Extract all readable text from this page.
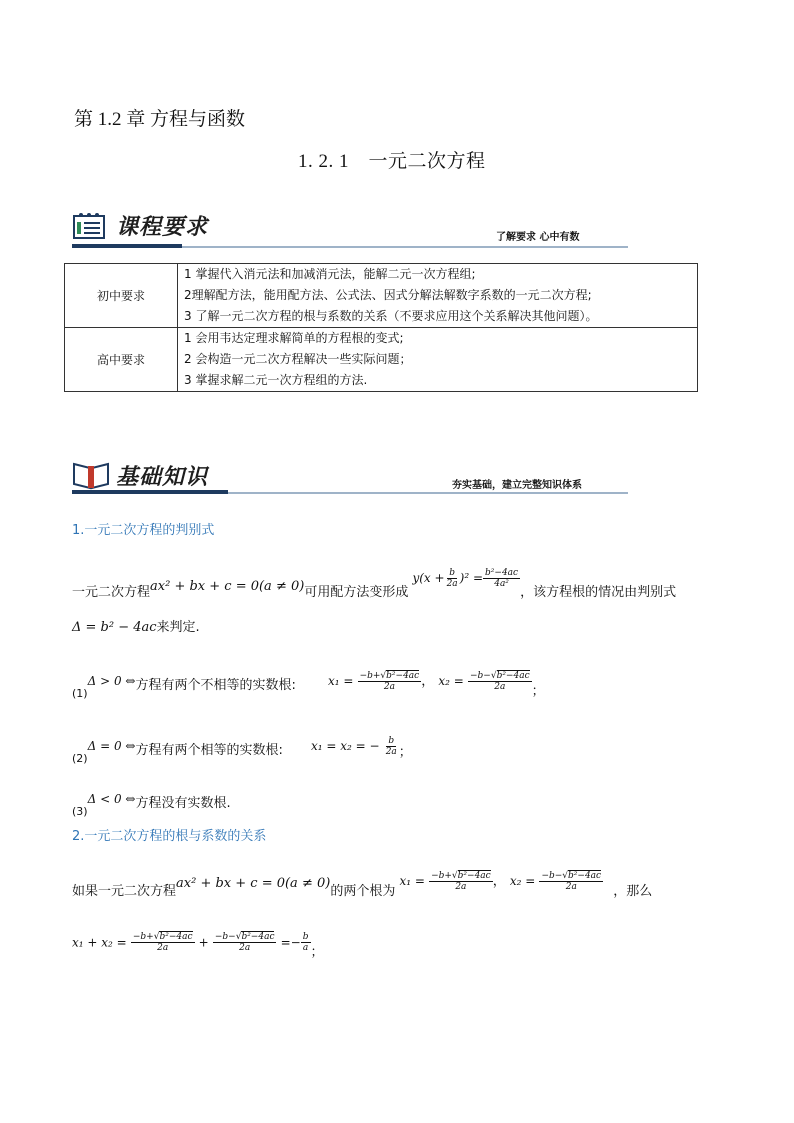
第 1.2 章 方程与函数
1. 2. 1　一元二次方程
课程要求	了解要求 心中有数
初中要求	1 掌握代入消元法和加减消元法，能解二元一次方程组;
2理解配方法，能用配方法、公式法、因式分解法解数字系数的一元二次方程;
3 了解一元二次方程的根与系数的关系（不要求应用这个关系解决其他问题）。

高中要求	1 会用韦达定理求解简单的方程根的变式;
2 会构造一元二次方程解决一些实际问题；
3 掌握求解二元一次方程组的方法.
基础知识	夯实基础，建立完整知识体系
1.一元二次方程的判别式
一元二次方程ax² + bx + c = 0(a ≠ 0)可用配方法变形成 $y(x + \frac{b}{2a} )^2 = \frac{\text{b²−4ac}}{\text{4a²}}$
，该方程根的情况由判别式
Δ = b² − 4ac来判定.
$_{(1)}$Δ > 0 ⇔方程有两个不相等的实数根:	$x_1 = \frac{\text{−b+√b²−4ac}}{2a}$ ， $x_2 = \frac{\text{−b−√b²−4ac}}{2a}$ ；
$_{(2)}$Δ = 0 ⇔方程有两个相等的实数根: x₁ = x₂ = − $\frac{b}{2a}$ ；
$_{(3)}$Δ < 0 ⇔方程没有实数根.
2.一元二次方程的根与系数的关系
如果一元二次方程ax² + bx + c = 0(a ≠ 0)的两个根为 $x_1 = \frac{\text{−b+√b²−4ac}}{2a}$ ， $x_2 = \frac{\text{−b−√b²−4ac}}{2a}$ ，那么
$x_1 + x_2 = \frac{\text{−b+√b²−4ac}}{2a} + \frac{\text{−b−√b²−4ac}}{2a} =- \frac{b}{a}$ ；
